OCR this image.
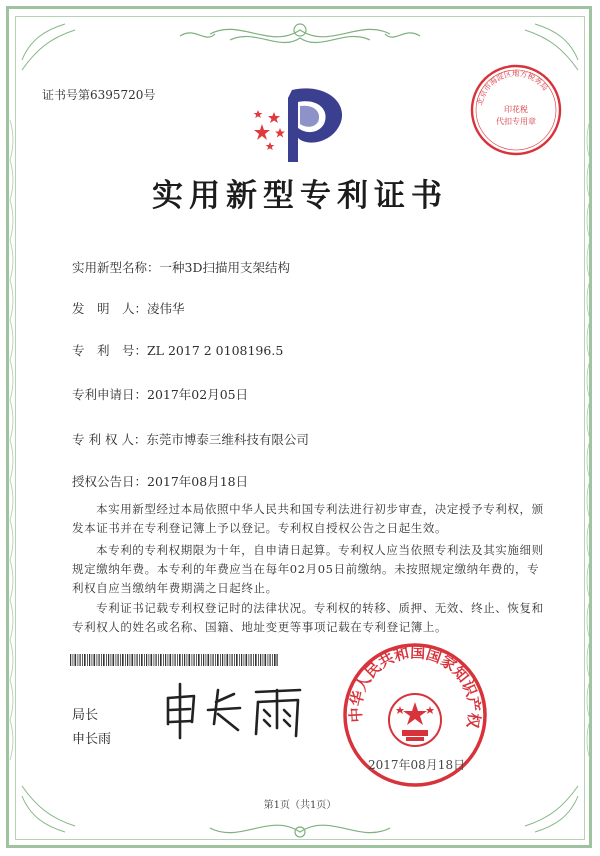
证书号第6395720号	北京市海淀区地方税务局
印花税
代扣专用章
实用新型专利证书
实用新型名称：一种3D扫描用支架结构
发　明　人：凌伟华
专　利　号：ZL 2017 2 0108196.5
专利申请日：2017年02月05日
专 利 权 人：东莞市博泰三维科技有限公司
授权公告日：2017年08月18日
本实用新型经过本局依照中华人民共和国专利法进行初步审查，决定授予专利权，颁发本证书并在专利登记簿上予以登记。专利权自授权公告之日起生效。
本专利的专利权期限为十年，自申请日起算。专利权人应当依照专利法及其实施细则规定缴纳年费。本专利的年费应当在每年02月05日前缴纳。未按照规定缴纳年费的，专利权自应当缴纳年费期满之日起终止。
专利证书记载专利权登记时的法律状况。专利权的转移、质押、无效、终止、恢复和专利权人的姓名或名称、国籍、地址变更等事项记载在专利登记簿上。
局长
申长雨
中华人民共和国国家知识产权
2017年08月18日
第1页（共1页）
